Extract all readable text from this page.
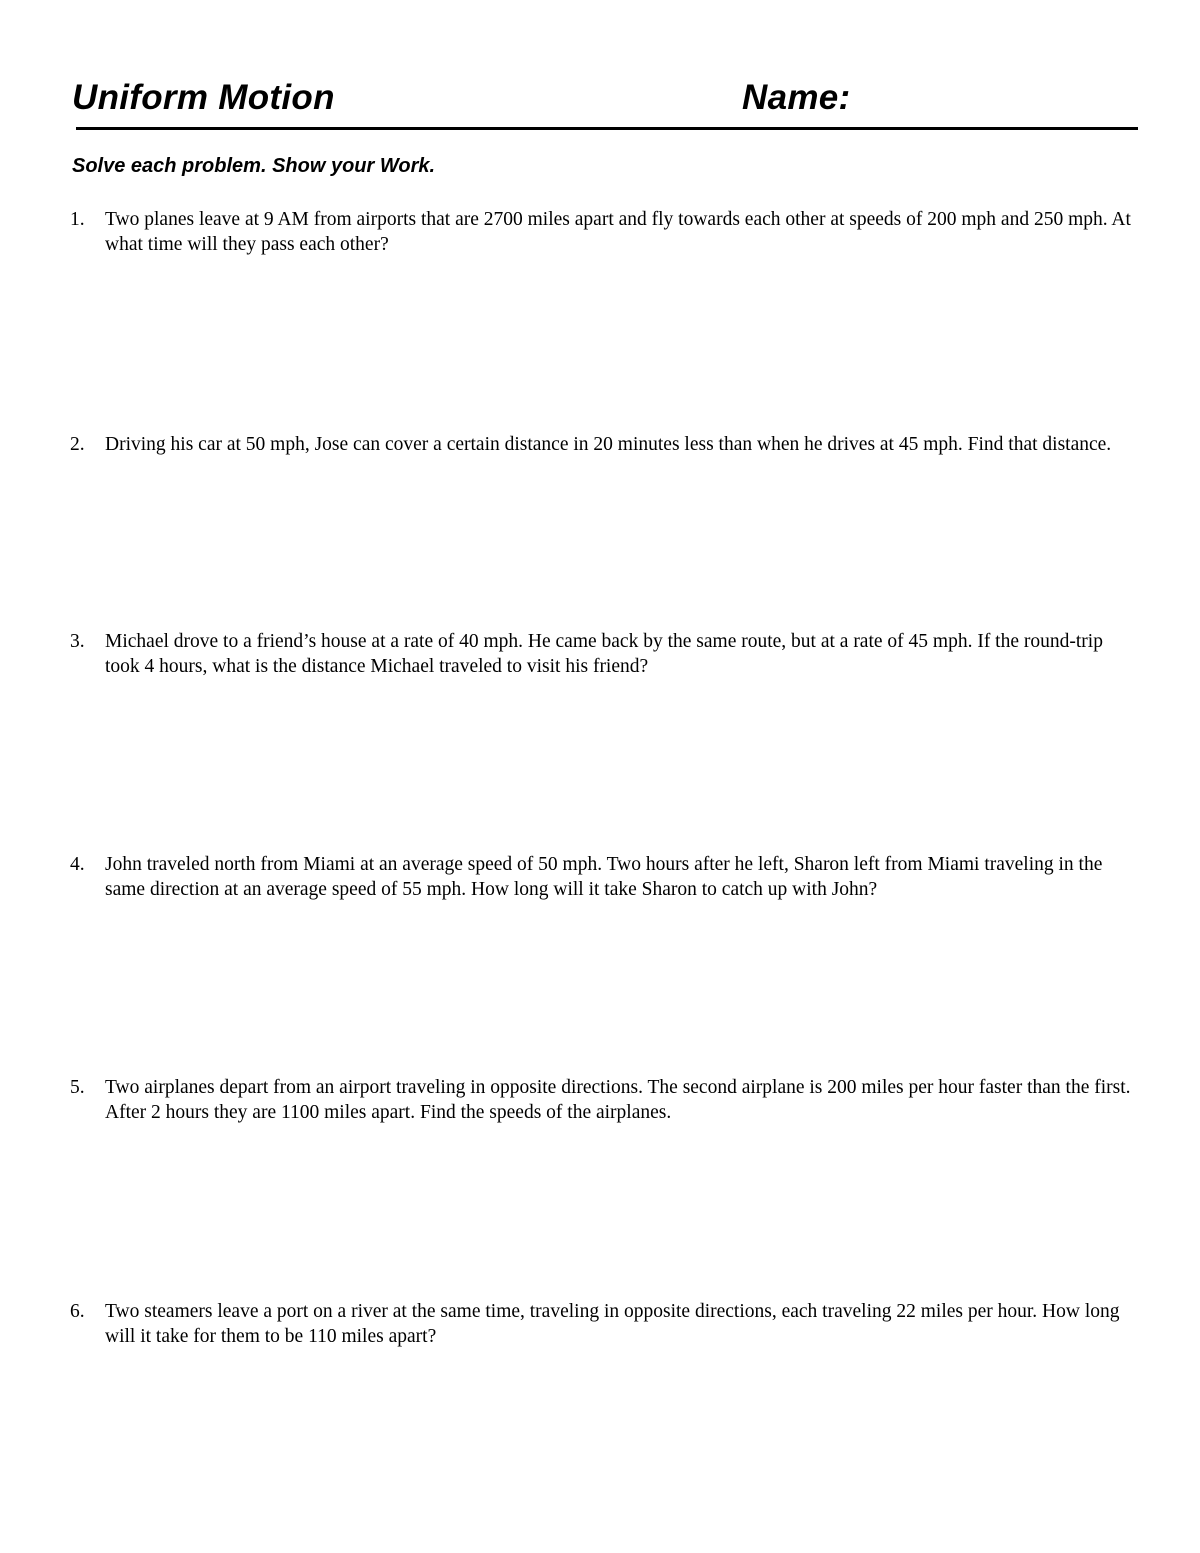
Uniform Motion	Name:
Solve each problem. Show your Work.
1.	Two planes leave at 9 AM from airports that are 2700 miles apart and fly towards each other at speeds of 200 mph and 250 mph. At what time will they pass each other?
2.	Driving his car at 50 mph, Jose can cover a certain distance in 20 minutes less than when he drives at 45 mph. Find that distance.
3.	Michael drove to a friend’s house at a rate of 40 mph. He came back by the same route, but at a rate of 45 mph. If the round-trip took 4 hours, what is the distance Michael traveled to visit his friend?
4.	John traveled north from Miami at an average speed of 50 mph. Two hours after he left, Sharon left from Miami traveling in the same direction at an average speed of 55 mph. How long will it take Sharon to catch up with John?
5.	Two airplanes depart from an airport traveling in opposite directions. The second airplane is 200 miles per hour faster than the first. After 2 hours they are 1100 miles apart. Find the speeds of the airplanes.
6.	Two steamers leave a port on a river at the same time, traveling in opposite directions, each traveling 22 miles per hour. How long will it take for them to be 110 miles apart?
